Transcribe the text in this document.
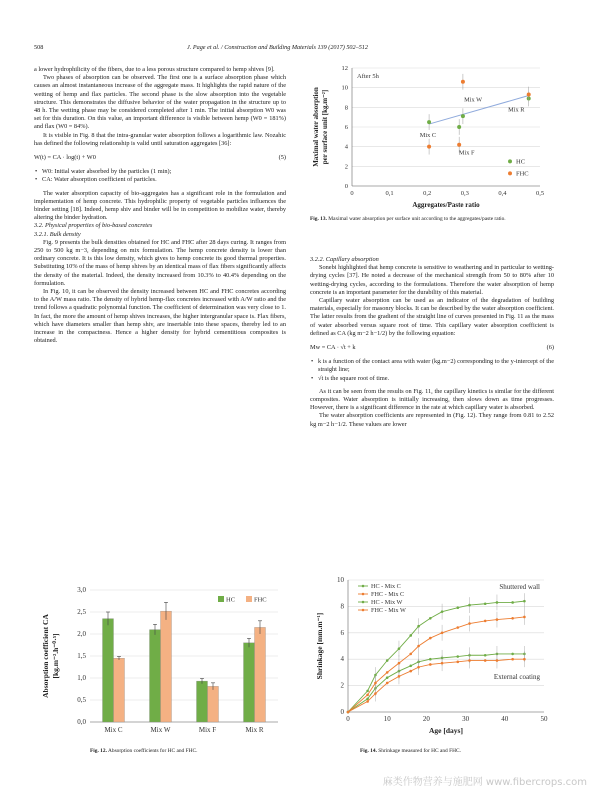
508	J. Page et al. / Construction and Building Materials 139 (2017) 502–512

a lower hydrophilicity of the fibers, due to a less porous structure compared to hemp shives [9].

Two phases of absorption can be observed. The first one is a surface absorption phase which causes an almost instantaneous increase of the aggregate mass. It highlights the rapid nature of the wetting of hemp and flax particles. The second phase is the slow absorption into the vegetable structure. This demonstrates the diffusive behavior of the water propagation in the structure up to 48 h. The wetting phase may be considered completed after 1 min. The initial absorption W0 was set for this duration. On this value, an important difference is visible between hemp (W0 = 181%) and flax (W0 = 84%).

It is visible in Fig. 8 that the intra-granular water absorption follows a logarithmic law. Nozahic has defined the following relationship is valid until saturation aggregates [36]:

W(t) = CA · log(t) + W0	(5)

• W0: Initial water absorbed by the particles (1 min);

• CA: Water absorption coefficient of particles.

The water absorption capacity of bio-aggregates has a significant role in the formulation and implementation of hemp concrete. This hydrophilic property of vegetable particles influences the binder setting [18]. Indeed, hemp shiv and binder will be in competition to mobilize water, thereby altering the binder hydration.

3.2. Physical properties of bio-based concretes

3.2.1. Bulk density

Fig. 9 presents the bulk densities obtained for HC and FHC after 28 days curing. It ranges from 250 to 500 kg m−3, depending on mix formulation. The hemp concrete density is lower than ordinary concrete. It is this low density, which gives to hemp concrete its good thermal properties. Substituting 10% of the mass of hemp shives by an identical mass of flax fibers significantly affects the density of the material. Indeed, the density increased from 10.3% to 40.4% depending on the formulation.

In Fig. 10, it can be observed the density increased between HC and FHC concretes according to the A/W mass ratio. The density of hybrid hemp-flax concretes increased with A/W ratio and the trend follows a quadratic polynomial function. The coefficient of determination was very close to 1. In fact, the more the amount of hemp shives increases, the higher intergranular space is. Flax fibers, which have diameters smaller than hemp shiv, are insertable into these spaces, thereby led to an increase in the compactness. Hence a higher density for hybrid cementitious composites is obtained.

0
2
4
6
8
10
12
0	0,1	0,2	0,3	0,4	0,5
Aggregates/Paste ratio
Maximal water absorption per surface unit [kg.m⁻²]
After 5h
Mix C
Mix F
Mix W
Mix R
HC
FHC
Fig. 13. Maximal water absorption per surface unit according to the aggregates/paste ratio.

3.2.2. Capillary absorption

Sonebi highlighted that hemp concrete is sensitive to weathering and in particular to wetting-drying cycles [37]. He noted a decrease of the mechanical strength from 50 to 80% after 10 wetting-drying cycles, according to the formulations. Therefore the water absorption of hemp concrete is an important parameter for the durability of this material.

Capillary water absorption can be used as an indicator of the degradation of building materials, especially for masonry blocks. It can be described by the water absorption coefficient. The latter results from the gradient of the straight line of curves presented in Fig. 11 as the mass of water absorbed versus square root of time. This capillary water absorption coefficient is defined as CA (kg m−2 h−1/2) by the following equation:

Mw = CA · √t + k	(6)

• k is a function of the contact area with water (kg.m−2) corresponding to the y-intercept of the straight line;

• √t is the square root of time.

As it can be seen from the results on Fig. 11, the capillary kinetics is similar for the different composites. Water absorption is initially increasing, then slows down as time progresses. However, there is a significant difference in the rate at which capillary water is absorbed.

The water absorption coefficients are represented in (Fig. 12). They range from 0.81 to 2.52 kg m−2 h−1/2. These values are lower

0,0
0,5
1,0
1,5
2,0
2,5
3,0
Absorption coefficient CA [kg.m⁻².h⁻⁰·⁵]
Mix C	Mix W	Mix F	Mix R
HC	FHC
Fig. 12. Absorption coefficients for HC and FHC.
0
2
4
6
8
10
0	10	20	30	40	50
Age [days]
Shrinkage [mm.m⁻¹]
HC - Mix C
FHC - Mix C
HC - Mix W
FHC - Mix W
Shuttered wall
External coating
Fig. 14. Shrinkage measured for HC and FHC.
麻类作物营养与施肥网 www.fibercrops.com
